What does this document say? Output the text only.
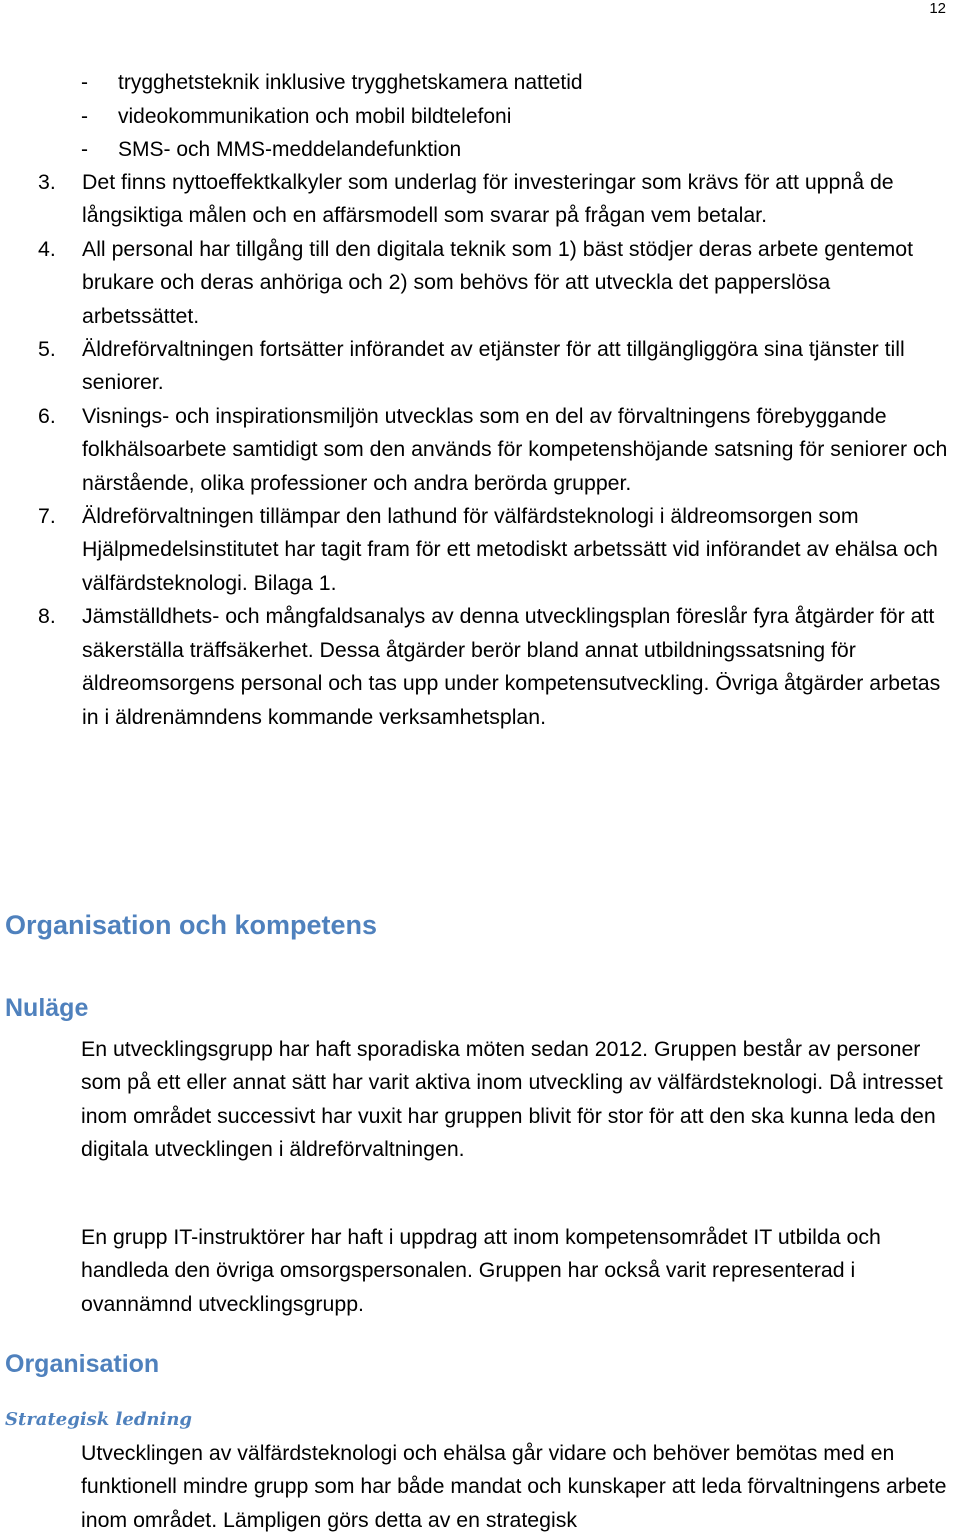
12
-	trygghetsteknik inklusive trygghetskamera nattetid
-	videokommunikation och mobil bildtelefoni
-	SMS- och MMS-meddelandefunktion
3.	Det finns nyttoeffektkalkyler som underlag för investeringar som krävs för att uppnå de långsiktiga målen och en affärsmodell som svarar på frågan vem betalar.
4.	All personal har tillgång till den digitala teknik som 1) bäst stödjer deras arbete gentemot brukare och deras anhöriga och 2) som behövs för att utveckla det papperslösa arbetssättet.
5.	Äldreförvaltningen fortsätter införandet av etjänster för att tillgängliggöra sina tjänster till seniorer.
6.	Visnings- och inspirationsmiljön utvecklas som en del av förvaltningens förebyggande folkhälsoarbete samtidigt som den används för kompetenshöjande satsning för seniorer och närstående, olika professioner och andra berörda grupper.
7.	Äldreförvaltningen tillämpar den lathund för välfärdsteknologi i äldreomsorgen som Hjälpmedelsinstitutet har tagit fram för ett metodiskt arbetssätt vid införandet av ehälsa och välfärdsteknologi. Bilaga 1.
8.	Jämställdhets- och mångfaldsanalys av denna utvecklingsplan föreslår fyra åtgärder för att säkerställa träffsäkerhet. Dessa åtgärder berör bland annat utbildningssatsning för äldreomsorgens personal och tas upp under kompetensutveckling. Övriga åtgärder arbetas in i äldrenämndens kommande verksamhetsplan.
Organisation och kompetens
Nuläge

En utvecklingsgrupp har haft sporadiska möten sedan 2012. Gruppen består av personer som på ett eller annat sätt har varit aktiva inom utveckling av välfärdsteknologi. Då intresset inom området successivt har vuxit har gruppen blivit för stor för att den ska kunna leda den digitala utvecklingen i äldreförvaltningen.

En grupp IT-instruktörer har haft i uppdrag att inom kompetensområdet IT utbilda och handleda den övriga omsorgspersonalen. Gruppen har också varit representerad i ovannämnd utvecklingsgrupp.

Organisation
Strategisk ledning

Utvecklingen av välfärdsteknologi och ehälsa går vidare och behöver bemötas med en funktionell mindre grupp som har både mandat och kunskaper att leda förvaltningens arbete inom området. Lämpligen görs detta av en strategisk
